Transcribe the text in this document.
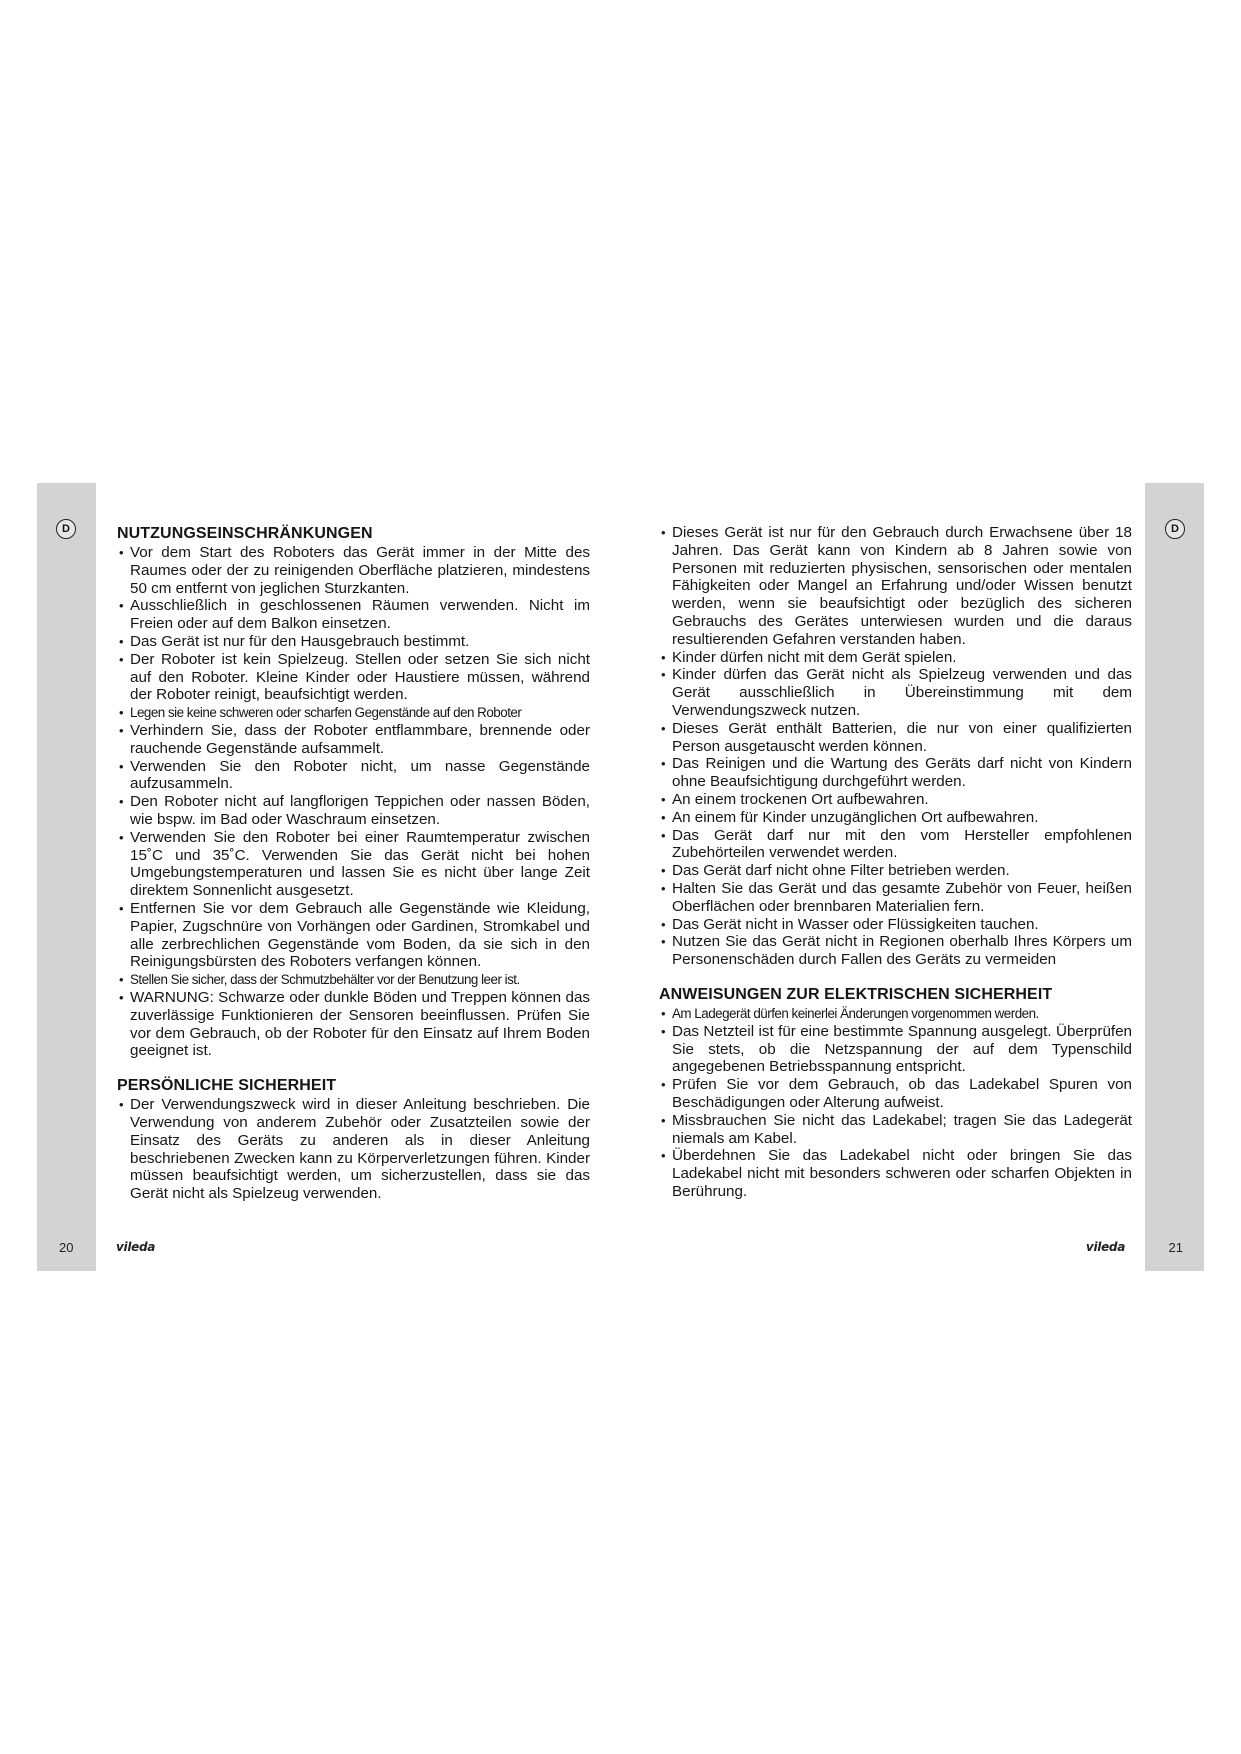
D
20	vileda
NUTZUNGSEINSCHRÄNKUNGEN
• Vor dem Start des Roboters das Gerät immer in der Mitte des Raumes oder der zu reinigenden Oberfläche platzieren, mindestens 50 cm entfernt von jeglichen Sturzkanten.
• Ausschließlich in geschlossenen Räumen verwenden. Nicht im Freien oder auf dem Balkon einsetzen.
• Das Gerät ist nur für den Hausgebrauch bestimmt.
• Der Roboter ist kein Spielzeug. Stellen oder setzen Sie sich nicht auf den Roboter. Kleine Kinder oder Haustiere müssen, während der Roboter reinigt, beaufsichtigt werden.
• Legen sie keine schweren oder scharfen Gegenstände auf den Roboter
• Verhindern Sie, dass der Roboter entflammbare, brennende oder rauchende Gegenstände aufsammelt.
• Verwenden Sie den Roboter nicht, um nasse Gegenstände aufzusammeln.
• Den Roboter nicht auf langflorigen Teppichen oder nassen Böden, wie bspw. im Bad oder Waschraum einsetzen.
• Verwenden Sie den Roboter bei einer Raumtemperatur zwischen 15˚C und 35˚C. Verwenden Sie das Gerät nicht bei hohen Umgebungstemperaturen und lassen Sie es nicht über lange Zeit direktem Sonnenlicht ausgesetzt.
• Entfernen Sie vor dem Gebrauch alle Gegenstände wie Kleidung, Papier, Zugschnüre von Vorhängen oder Gardinen, Stromkabel und alle zerbrechlichen Gegenstände vom Boden, da sie sich in den Reinigungsbürsten des Roboters verfangen können.
• Stellen Sie sicher, dass der Schmutzbehälter vor der Benutzung leer ist.
• WARNUNG: Schwarze oder dunkle Böden und Treppen können das zuverlässige Funktionieren der Sensoren beeinflussen. Prüfen Sie vor dem Gebrauch, ob der Roboter für den Einsatz auf Ihrem Boden geeignet ist.
PERSÖNLICHE SICHERHEIT
• Der Verwendungszweck wird in dieser Anleitung beschrieben. Die Verwendung von anderem Zubehör oder Zusatzteilen sowie der Einsatz des Geräts zu anderen als in dieser Anleitung beschriebenen Zwecken kann zu Körperverletzungen führen. Kinder müssen beaufsichtigt werden, um sicherzustellen, dass sie das Gerät nicht als Spielzeug verwenden.
D
21
vileda
• Dieses Gerät ist nur für den Gebrauch durch Erwachsene über 18 Jahren. Das Gerät kann von Kindern ab 8 Jahren sowie von Personen mit reduzierten physischen, sensorischen oder mentalen Fähigkeiten oder Mangel an Erfahrung und/oder Wissen benutzt werden, wenn sie beaufsichtigt oder bezüglich des sicheren Gebrauchs des Gerätes unterwiesen wurden und die daraus resultierenden Gefahren verstanden haben.
• Kinder dürfen nicht mit dem Gerät spielen.
• Kinder dürfen das Gerät nicht als Spielzeug verwenden und das Gerät ausschließlich in Übereinstimmung mit dem Verwendungszweck nutzen.
• Dieses Gerät enthält Batterien, die nur von einer qualifizierten Person ausgetauscht werden können.
• Das Reinigen und die Wartung des Geräts darf nicht von Kindern ohne Beaufsichtigung durchgeführt werden.
• An einem trockenen Ort aufbewahren.
• An einem für Kinder unzugänglichen Ort aufbewahren.
• Das Gerät darf nur mit den vom Hersteller empfohlenen Zubehörteilen verwendet werden.
• Das Gerät darf nicht ohne Filter betrieben werden.
• Halten Sie das Gerät und das gesamte Zubehör von Feuer, heißen Oberflächen oder brennbaren Materialien fern.
• Das Gerät nicht in Wasser oder Flüssigkeiten tauchen.
• Nutzen Sie das Gerät nicht in Regionen oberhalb Ihres Körpers um Personenschäden durch Fallen des Geräts zu vermeiden
ANWEISUNGEN ZUR ELEKTRISCHEN SICHERHEIT
• Am Ladegerät dürfen keinerlei Änderungen vorgenommen werden.
• Das Netzteil ist für eine bestimmte Spannung ausgelegt. Überprüfen Sie stets, ob die Netzspannung der auf dem Typenschild angegebenen Betriebsspannung entspricht.
• Prüfen Sie vor dem Gebrauch, ob das Ladekabel Spuren von Beschädigungen oder Alterung aufweist.
• Missbrauchen Sie nicht das Ladekabel; tragen Sie das Ladegerät niemals am Kabel.
• Überdehnen Sie das Ladekabel nicht oder bringen Sie das Ladekabel nicht mit besonders schweren oder scharfen Objekten in Berührung.
